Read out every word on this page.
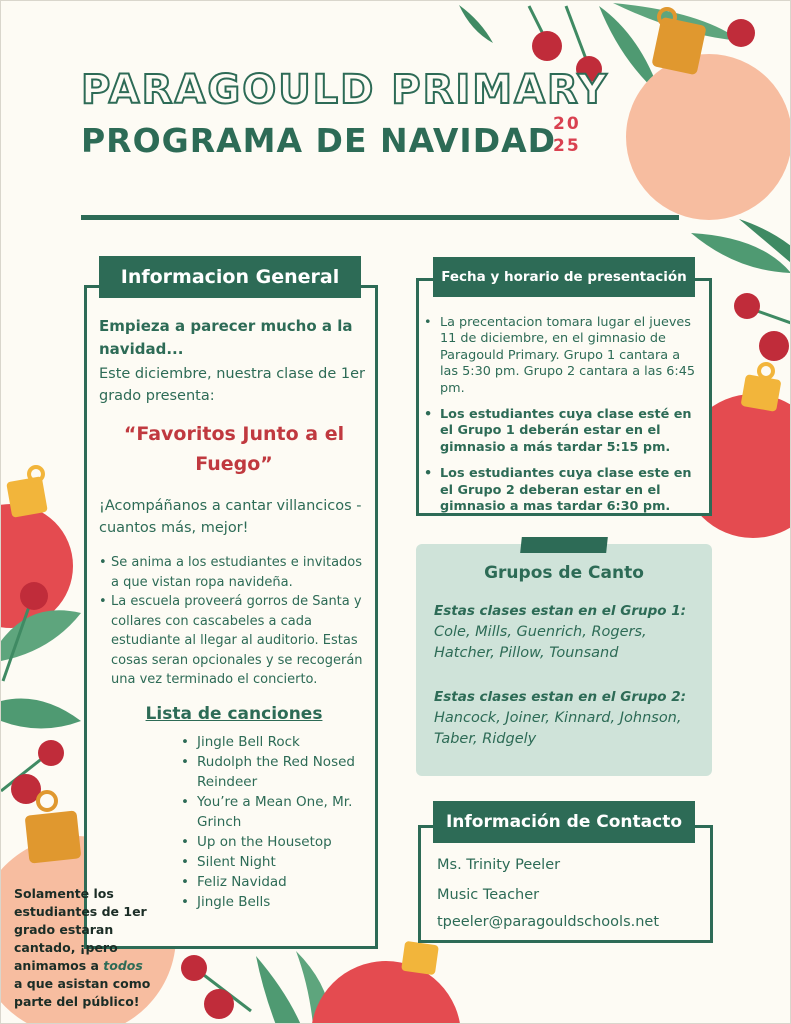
PARAGOULD PRIMARY
PROGRAMA DE NAVIDAD
20
25
Informacion General
Empieza a parecer mucho a la navidad...
Este diciembre, nuestra clase de 1er grado presenta:
“Favoritos Junto a el Fuego”
¡Acompáñanos a cantar villancicos - cuantos más, mejor!
• Se anima a los estudiantes e invitados a que vistan ropa navideña.
• La escuela proveerá gorros de Santa y collares con cascabeles a cada estudiante al llegar al auditorio. Estas cosas seran opcionales y se recogerán una vez terminado el concierto.
Lista de canciones
• Jingle Bell Rock
• Rudolph the Red Nosed Reindeer
• You’re a Mean One, Mr. Grinch
• Up on the Housetop
• Silent Night
• Feliz Navidad
• Jingle Bells
Fecha y horario de presentación
• La precentacion tomara lugar el jueves 11 de diciembre, en el gimnasio de Paragould Primary. Grupo 1 cantara a las 5:30 pm. Grupo 2 cantara a las 6:45 pm.
• Los estudiantes cuya clase esté en el Grupo 1 deberán estar en el gimnasio a más tardar 5:15 pm.
• Los estudiantes cuya clase este en el Grupo 2 deberan estar en el gimnasio a mas tardar 6:30 pm.
Grupos de Canto
Estas clases estan en el Grupo 1:
Cole, Mills, Guenrich, Rogers, Hatcher, Pillow, Tounsand
Estas clases estan en el Grupo 2:
Hancock, Joiner, Kinnard, Johnson, Taber, Ridgely
Información de Contacto
Ms. Trinity Peeler
Music Teacher
tpeeler@paragouldschools.net
Solamente los estudiantes de 1er grado estaran cantado, ¡pero animamos a todos a que asistan como parte del público!
